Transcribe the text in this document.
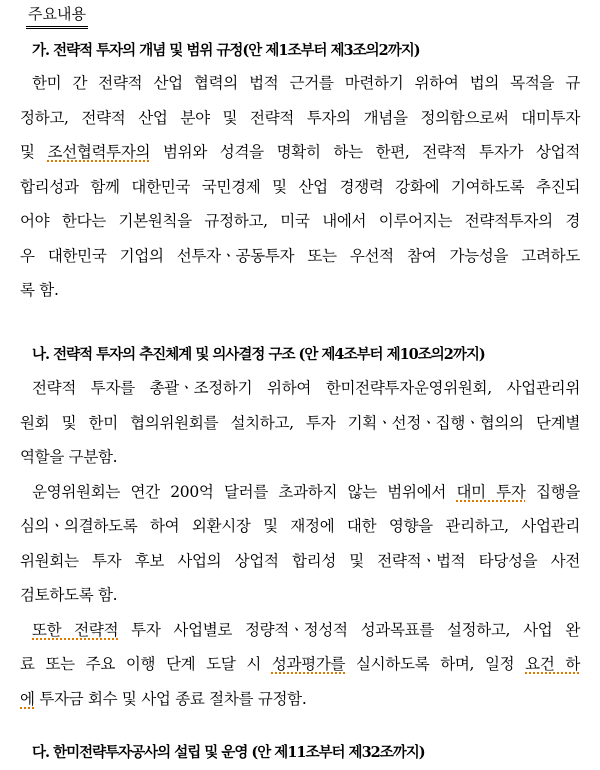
주요내용
가. 전략적 투자의 개념 및 범위 규정(안 제1조부터 제3조의2까지)
한미 간 전략적 산업 협력의 법적 근거를 마련하기 위하여 법의 목적을 규
정하고, 전략적 산업 분야 및 전략적 투자의 개념을 정의함으로써 대미투자
및 조선협력투자의 범위와 성격을 명확히 하는 한편, 전략적 투자가 상업적
합리성과 함께 대한민국 국민경제 및 산업 경쟁력 강화에 기여하도록 추진되
어야 한다는 기본원칙을 규정하고, 미국 내에서 이루어지는 전략적투자의 경
우 대한민국 기업의 선투자ㆍ공동투자 또는 우선적 참여 가능성을 고려하도
록 함.
나. 전략적 투자의 추진체계 및 의사결정 구조 (안 제4조부터 제10조의2까지)
전략적 투자를 총괄ㆍ조정하기 위하여 한미전략투자운영위원회, 사업관리위
원회 및 한미 협의위원회를 설치하고, 투자 기획ㆍ선정ㆍ집행ㆍ협의의 단계별
역할을 구분함.
운영위원회는 연간 200억 달러를 초과하지 않는 범위에서 대미 투자 집행을
심의ㆍ의결하도록 하여 외환시장 및 재정에 대한 영향을 관리하고, 사업관리
위원회는 투자 후보 사업의 상업적 합리성 및 전략적ㆍ법적 타당성을 사전
검토하도록 함.
또한 전략적 투자 사업별로 정량적ㆍ정성적 성과목표를 설정하고, 사업 완
료 또는 주요 이행 단계 도달 시 성과평가를 실시하도록 하며, 일정 요건 하
에 투자금 회수 및 사업 종료 절차를 규정함.
다. 한미전략투자공사의 설립 및 운영 (안 제11조부터 제32조까지)
